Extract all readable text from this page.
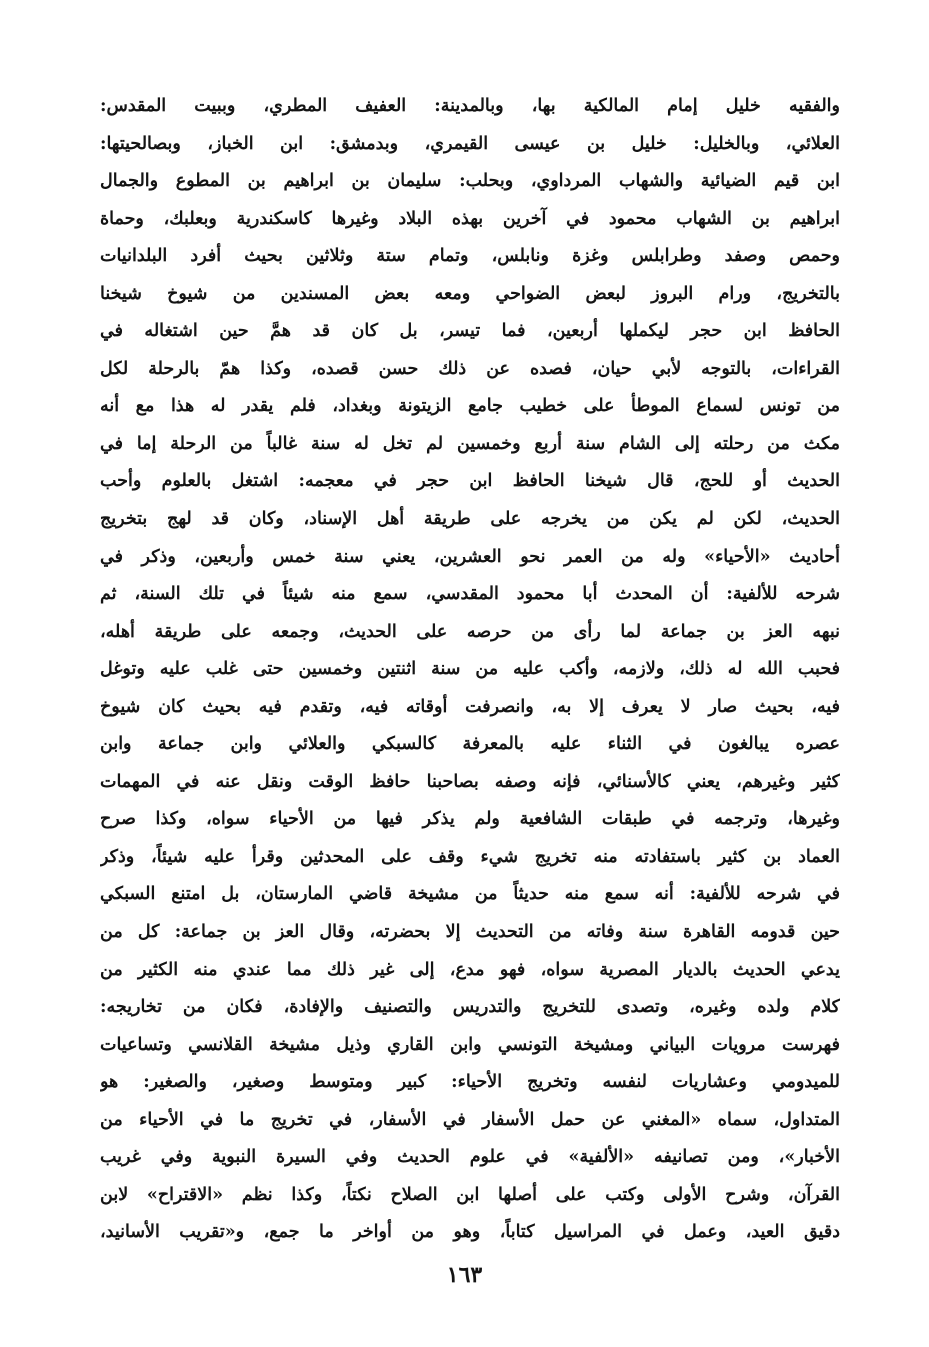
والفقيه خليل إمام المالكية بها، وبالمدينة: العفيف المطري، وببيت المقدس:
العلائي، وبالخليل: خليل بن عيسى القيمري، وبدمشق: ابن الخباز، وبصالحيتها:
ابن قيم الضيائية والشهاب المرداوي، وبحلب: سليمان بن ابراهيم بن المطوع والجمال
ابراهيم بن الشهاب محمود في آخرين بهذه البلاد وغيرها كاسكندرية وبعلبك، وحماة
وحمص وصفد وطرابلس وغزة ونابلس، وتمام ستة وثلاثين بحيث أفرد البلدانيات
بالتخريج، ورام البروز لبعض الضواحي ومعه بعض المسندين من شيوخ شيخنا
الحافظ ابن حجر ليكملها أربعين، فما تيسر، بل كان قد همَّ حين اشتغاله في
القراءات، بالتوجه لأبي حيان، فصده عن ذلك حسن قصده، وكذا همّ بالرحلة لكل
من تونس لسماع الموطأ على خطيب جامع الزيتونة وبغداد، فلم يقدر له هذا مع أنه
مكث من رحلته إلى الشام سنة أربع وخمسين لم تخل له سنة غالباً من الرحلة إما في
الحديث أو للحج، قال شيخنا الحافظ ابن حجر في معجمه: اشتغل بالعلوم وأحب
الحديث، لكن لم يكن من يخرجه على طريقة أهل الإسناد، وكان قد لهج بتخريج
أحاديث «الأحياء» وله من العمر نحو العشرين، يعني سنة خمس وأربعين، وذكر في
شرحه للألفية: أن المحدث أبا محمود المقدسي، سمع منه شيئاً في تلك السنة، ثم
نبهه العز بن جماعة لما رأى من حرصه على الحديث، وجمعه على طريقة أهله،
فحبب الله له ذلك، ولازمه، وأكب عليه من سنة اثنتين وخمسين حتى غلب عليه وتوغل
فيه، بحيث صار لا يعرف إلا به، وانصرفت أوقاته فيه، وتقدم فيه بحيث كان شيوخ
عصره يبالغون في الثناء عليه بالمعرفة كالسبكي والعلائي وابن جماعة وابن
كثير وغيرهم، يعني كالأسنائي، فإنه وصفه بصاحبنا حافظ الوقت ونقل عنه في المهمات
وغيرها، وترجمه في طبقات الشافعية ولم يذكر فيها من الأحياء سواه، وكذا صرح
العماد بن كثير باستفادته منه تخريج شيء وقف على المحدثين وقرأ عليه شيئاً، وذكر
في شرحه للألفية: أنه سمع منه حديثاً من مشيخة قاضي المارستان، بل امتنع السبكي
حين قدومه القاهرة سنة وفاته من التحديث إلا بحضرته، وقال العز بن جماعة: كل من
يدعي الحديث بالديار المصرية سواه، فهو مدع، إلى غير ذلك مما عندي منه الكثير من
كلام ولده وغيره، وتصدى للتخريج والتدريس والتصنيف والإفادة، فكان من تخاريجه:
فهرست مرويات البياني ومشيخة التونسي وابن القاري وذيل مشيخة القلانسي وتساعيات
للميدومي وعشاريات لنفسه وتخريج الأحياء: كبير ومتوسط وصغير، والصغير: هو
المتداول، سماه «المغني عن حمل الأسفار في الأسفار، في تخريج ما في الأحياء من
الأخبار»، ومن تصانيفه «الألفية» في علوم الحديث وفي السيرة النبوية وفي غريب
القرآن، وشرح الأولى وكتب على أصلها ابن الصلاح نكتاً، وكذا نظم «الاقتراح» لابن
دقيق العيد، وعمل في المراسيل كتاباً، وهو من أواخر ما جمع، و«تقريب الأسانيد،
١٦٣
